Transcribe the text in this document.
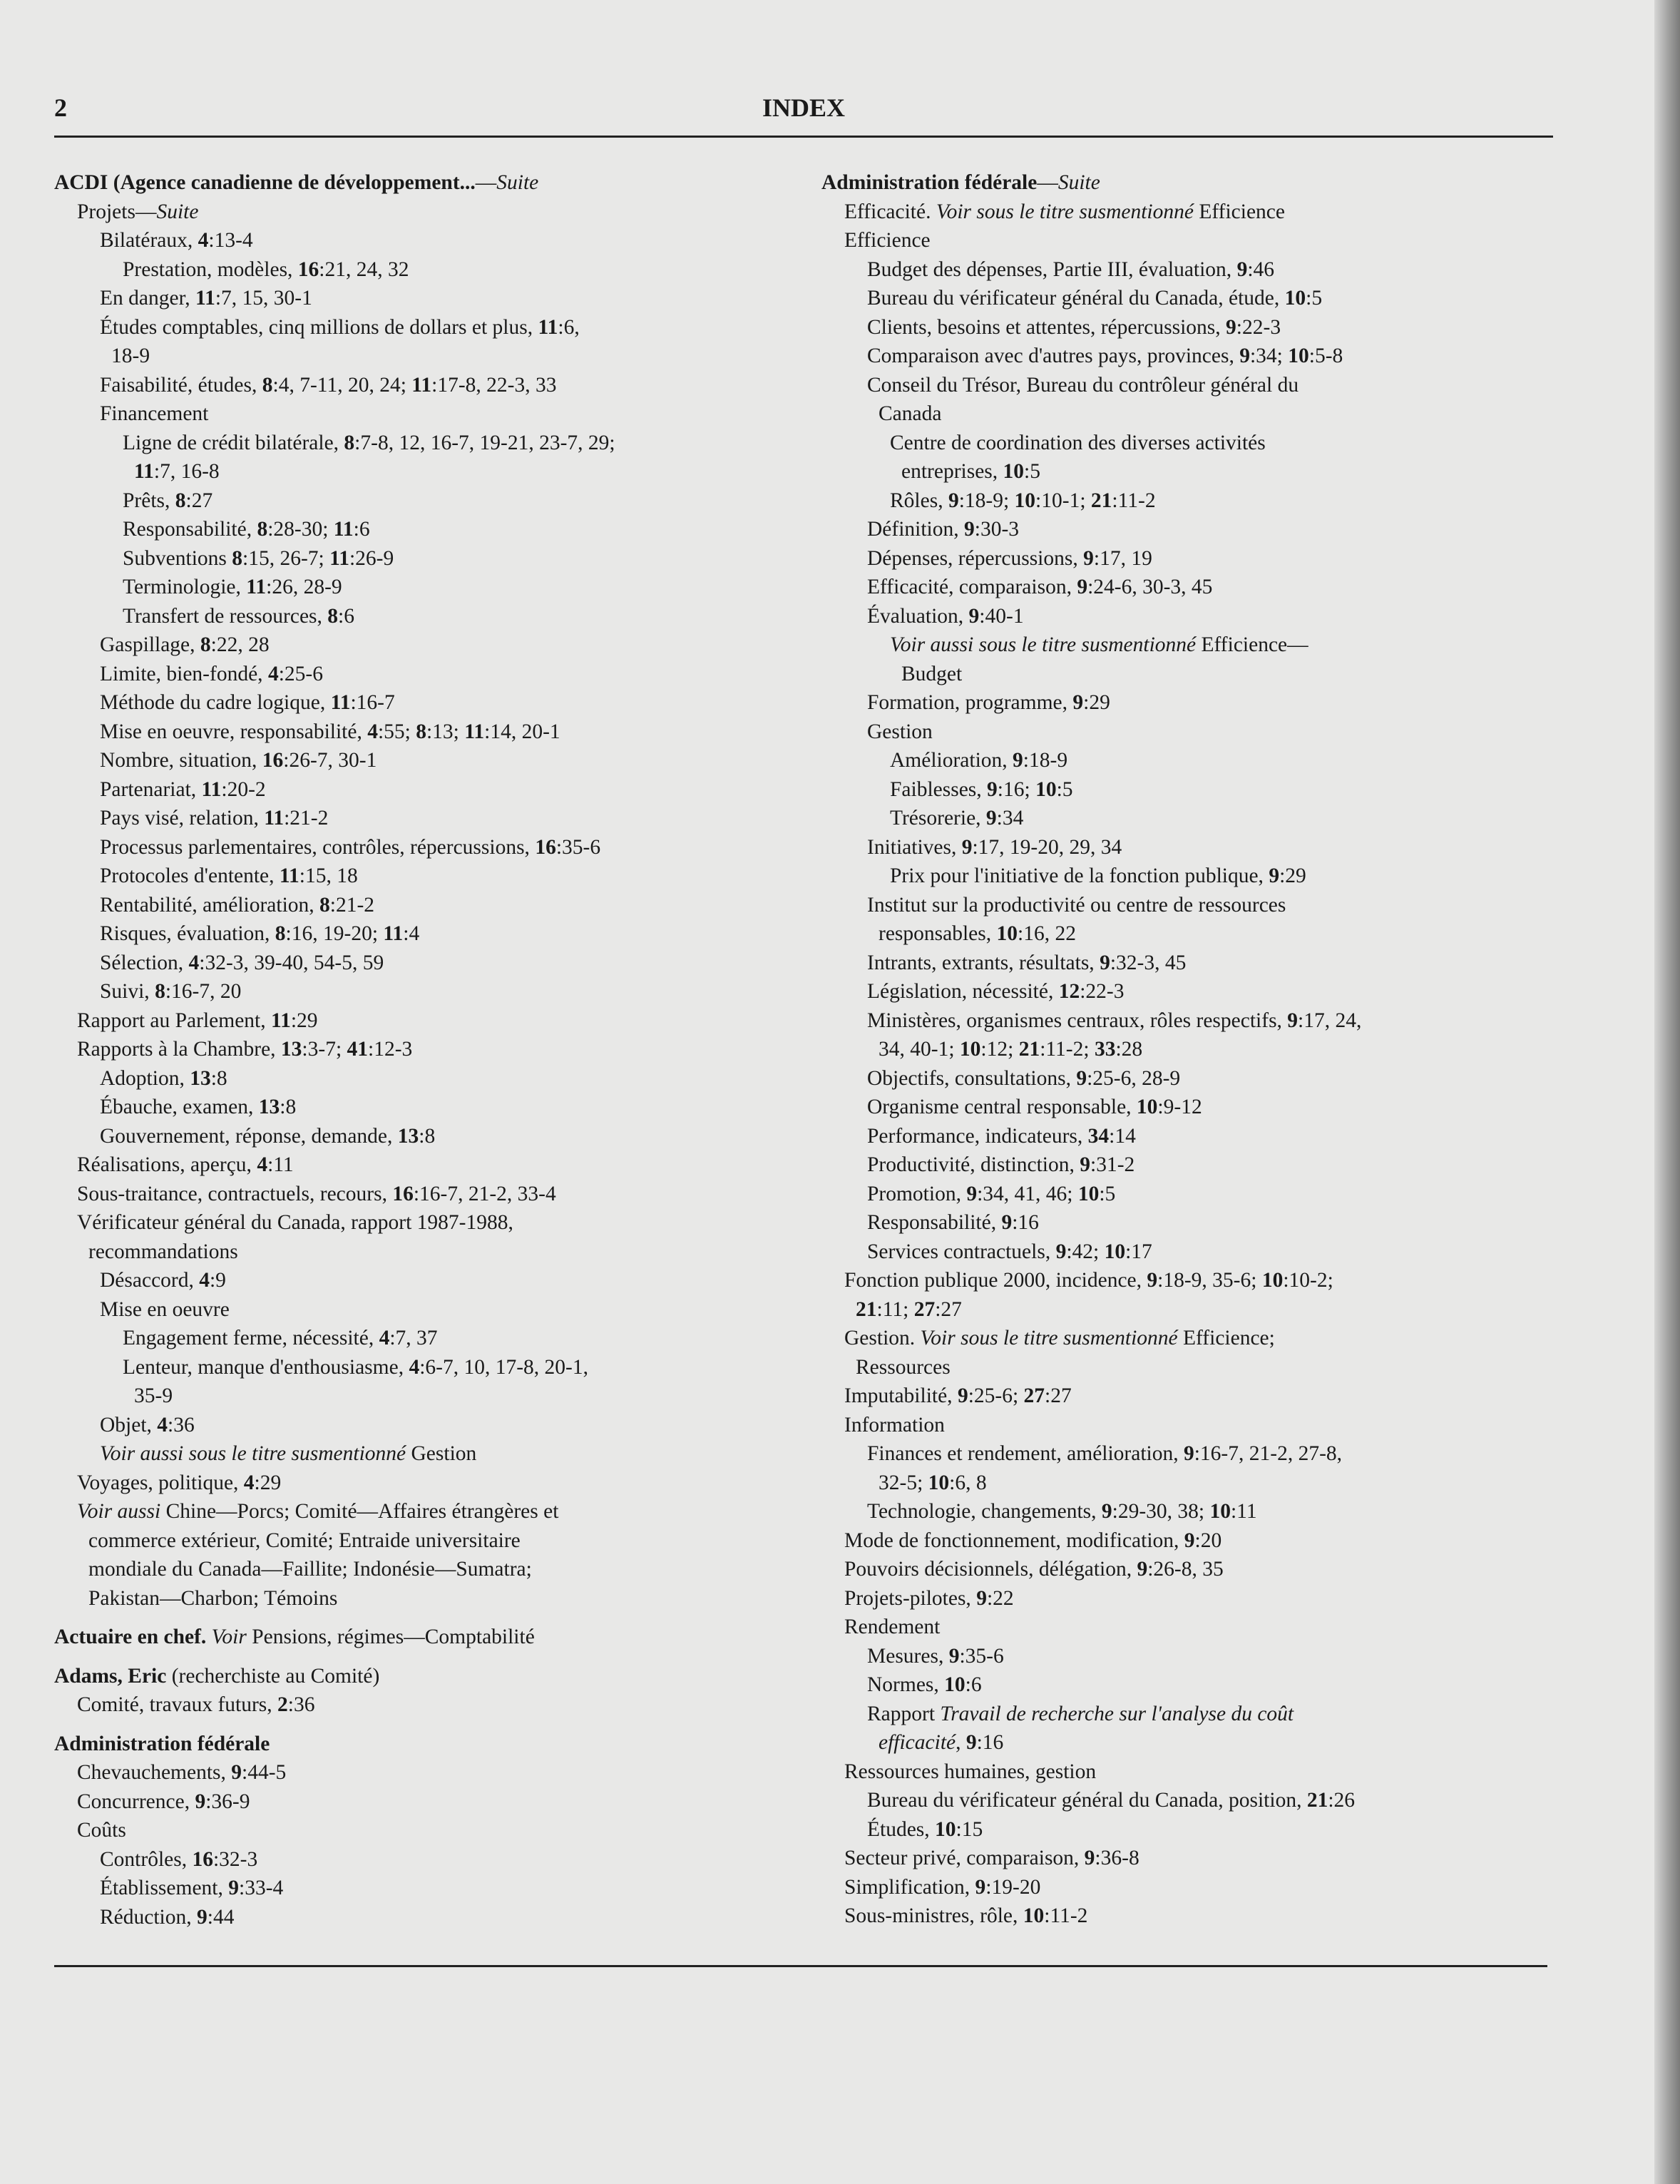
INDEX
2
ACDI (Agence canadienne de développement...—Suite
Projets—Suite
Bilatéraux, 4:13-4
Prestation, modèles, 16:21, 24, 32
En danger, 11:7, 15, 30-1
Études comptables, cinq millions de dollars et plus, 11:6,
18-9
Faisabilité, études, 8:4, 7-11, 20, 24; 11:17-8, 22-3, 33
Financement
Ligne de crédit bilatérale, 8:7-8, 12, 16-7, 19-21, 23-7, 29;
11:7, 16-8
Prêts, 8:27
Responsabilité, 8:28-30; 11:6
Subventions 8:15, 26-7; 11:26-9
Terminologie, 11:26, 28-9
Transfert de ressources, 8:6
Gaspillage, 8:22, 28
Limite, bien-fondé, 4:25-6
Méthode du cadre logique, 11:16-7
Mise en oeuvre, responsabilité, 4:55; 8:13; 11:14, 20-1
Nombre, situation, 16:26-7, 30-1
Partenariat, 11:20-2
Pays visé, relation, 11:21-2
Processus parlementaires, contrôles, répercussions, 16:35-6
Protocoles d'entente, 11:15, 18
Rentabilité, amélioration, 8:21-2
Risques, évaluation, 8:16, 19-20; 11:4
Sélection, 4:32-3, 39-40, 54-5, 59
Suivi, 8:16-7, 20
Rapport au Parlement, 11:29
Rapports à la Chambre, 13:3-7; 41:12-3
Adoption, 13:8
Ébauche, examen, 13:8
Gouvernement, réponse, demande, 13:8
Réalisations, aperçu, 4:11
Sous-traitance, contractuels, recours, 16:16-7, 21-2, 33-4
Vérificateur général du Canada, rapport 1987-1988,
recommandations
Désaccord, 4:9
Mise en oeuvre
Engagement ferme, nécessité, 4:7, 37
Lenteur, manque d'enthousiasme, 4:6-7, 10, 17-8, 20-1,
35-9
Objet, 4:36
Voir aussi sous le titre susmentionné Gestion
Voyages, politique, 4:29
Voir aussi Chine—Porcs; Comité—Affaires étrangères et
commerce extérieur, Comité; Entraide universitaire
mondiale du Canada—Faillite; Indonésie—Sumatra;
Pakistan—Charbon; Témoins
Actuaire en chef. Voir Pensions, régimes—Comptabilité
Adams, Eric (recherchiste au Comité)
Comité, travaux futurs, 2:36
Administration fédérale
Chevauchements, 9:44-5
Concurrence, 9:36-9
Coûts
Contrôles, 16:32-3
Établissement, 9:33-4
Réduction, 9:44
Administration fédérale—Suite
Efficacité. Voir sous le titre susmentionné Efficience
Efficience
Budget des dépenses, Partie III, évaluation, 9:46
Bureau du vérificateur général du Canada, étude, 10:5
Clients, besoins et attentes, répercussions, 9:22-3
Comparaison avec d'autres pays, provinces, 9:34; 10:5-8
Conseil du Trésor, Bureau du contrôleur général du
Canada
Centre de coordination des diverses activités
entreprises, 10:5
Rôles, 9:18-9; 10:10-1; 21:11-2
Définition, 9:30-3
Dépenses, répercussions, 9:17, 19
Efficacité, comparaison, 9:24-6, 30-3, 45
Évaluation, 9:40-1
Voir aussi sous le titre susmentionné Efficience—
Budget
Formation, programme, 9:29
Gestion
Amélioration, 9:18-9
Faiblesses, 9:16; 10:5
Trésorerie, 9:34
Initiatives, 9:17, 19-20, 29, 34
Prix pour l'initiative de la fonction publique, 9:29
Institut sur la productivité ou centre de ressources
responsables, 10:16, 22
Intrants, extrants, résultats, 9:32-3, 45
Législation, nécessité, 12:22-3
Ministères, organismes centraux, rôles respectifs, 9:17, 24,
34, 40-1; 10:12; 21:11-2; 33:28
Objectifs, consultations, 9:25-6, 28-9
Organisme central responsable, 10:9-12
Performance, indicateurs, 34:14
Productivité, distinction, 9:31-2
Promotion, 9:34, 41, 46; 10:5
Responsabilité, 9:16
Services contractuels, 9:42; 10:17
Fonction publique 2000, incidence, 9:18-9, 35-6; 10:10-2;
21:11; 27:27
Gestion. Voir sous le titre susmentionné Efficience;
Ressources
Imputabilité, 9:25-6; 27:27
Information
Finances et rendement, amélioration, 9:16-7, 21-2, 27-8,
32-5; 10:6, 8
Technologie, changements, 9:29-30, 38; 10:11
Mode de fonctionnement, modification, 9:20
Pouvoirs décisionnels, délégation, 9:26-8, 35
Projets-pilotes, 9:22
Rendement
Mesures, 9:35-6
Normes, 10:6
Rapport Travail de recherche sur l'analyse du coût
efficacité, 9:16
Ressources humaines, gestion
Bureau du vérificateur général du Canada, position, 21:26
Études, 10:15
Secteur privé, comparaison, 9:36-8
Simplification, 9:19-20
Sous-ministres, rôle, 10:11-2
